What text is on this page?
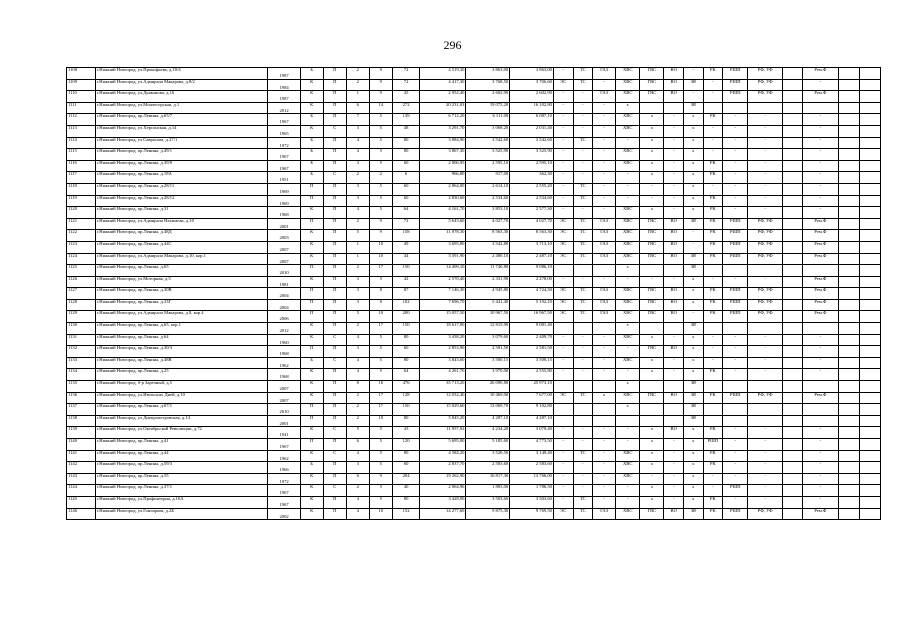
296
1108	г.Нижний Новгород, ул.Прокофьева, д.10/4	1987	Б	П	2	9	72	4 519,30	3 863,00	3 863,00	-	ТС	ГАЗ	ХВС	ГВС	ВО	-	РК	РШП	РФ, УФ		Рем.Ф		
1109	г.Нижний Новгород, ул.Адмирала Макарова, д.8/2	1984	К	П	2	9	72	4 417,30	3 768,50	3 706,60	ЭС	ТС	-	ХВС	ГВС	ВО	ЗЯ	-	РШП	РФ, УФ		-		
1110	г.Нижний Новгород, ул.Дьяконова, д.16	1987	К	П	1	9	45	2 952,40	2 602,90	2 602,90	-	-	ГАЗ	ХВС	ГВС	ВО	-	-	РШП	РФ, УФ		Рем.Ф		
1111	г.Нижний Новгород, ул.Мончегорская, д.1	2012	К	П	6	14	272	20 231,03	19 075,20	16 102,80	-	-	-	х			ЗЯ							
1112	г.Нижний Новгород, пр.Ленина, д.65/7	1967	Б	П	7	5	139	6 712,20	6 111,00	6 087,10	-	-	-	ХВС	х	-	х	РК	-	-		-		
1113	г.Нижний Новгород, ул.Херсонская, д.14	1965	К	С	3	5	48	3 291,70	3 068,20	2 031,40	-	-	-	ХВС	х	-	х	-	-	-		-		
1114	г.Нижний Новгород, ул.Саврасова, д.27/1	1972	Б	П	4	5	80	3 884,90	3 542,60	3 542,60	-	ТС	-	-	х	-	х	-	-	-		-		
1115	г.Нижний Новгород, пр.Ленина, д.49/1	1967	Б	П	4	5	80	3 867,30	3 525,90	3 525,90	-	-	-	ХВС	х	-	х	-	-	-		-		
1116	г.Нижний Новгород, пр.Ленина, д.39/8	1967	Б	П	3	5	60	2 806,95	2 595,10	2 595,10	-	-	-	ХВС	х	-	х	РК	-	-		-		
1117	г.Нижний Новгород, пр.Ленина, д.18А	1951	Б	С	2	2	6	966,80	917,00	362,30	-	-	-	-	х	-	х	РК	-	-		-		
1118	г.Нижний Новгород, пр.Ленина, д.28/11	1969	П	П	3	5	60	2 864,00	2 614,10	2 555,20	-	ТС	-	-	-	-	х	-	-	-		-		
1119	г.Нижний Новгород, пр.Ленина, д.28/12	1969	П	П	3	5	60	2 830,60	2 534,60	2 534,60	-	ТС	-	-	-	-	х	РК	-	-		-		
1120	г.Нижний Новгород, пр.Ленина, д.31	1968	К	П	4	5	64	4 161,70	3 853,10	2 577,30	-	-	-	ХВС	х	-	х	РК	-	-		-		
1121	г.Нижний Новгород, ул.Адмирала Нахимова, д.10	2001	П	П	2	9	72	5 643,60	4 027,70	4 027,70	ЭС	ТС	ГАЗ	ХВС	ГВС	ВО	ЗЯ	РК	РШП	РФ, УФ		Рем.Ф		
1122	г.Нижний Новгород, пр.Ленина, д.48Д	2003	К	П	5	9	158	11 078,30	8 563,30	8 563,30	ЭС	ТС	ГАЗ	ХВС	ГВС	ВО	-	РК	РШП	РФ, УФ		Рем.Ф		
1123	г.Нижний Новгород, пр.Ленина, д.44С	2007	К	П	1	10	49	3 695,80	3 542,80	3 713,10	ЭС	ТС	ГАЗ	ХВС	ГВС	ВО	-	РК	РШП	РФ, УФ		Рем.Ф		
1124	г.Нижний Новгород, ул.Адмирала Макарова, д.10, кор.1	2007	К	П	1	10	44	3 591,90	2 480,10	2 487,10	ЭС	ТС	ГАЗ	ХВС	ГВС	ВО	ЗЯ	РК	РШП	РФ, УФ		Рем.Ф		
1125	г.Нижний Новгород, пр.Ленина, д.65	2010	П	П	2	17	150	14 409,10	11 740,80	9 086,10				х			ЗЯ							
1126	г.Нижний Новгород, ул.Моторная, д.5	1981	К	П	3	5	42	2 570,40	2 331,90	2 278,00	-	-	-	-	-	-	х	-	-	-		Рем.Ф		
1127	г.Нижний Новгород, пр.Ленина, д.30В	2004	П	П	3	8	87	7 146,30	4 945,80	4 724,50	ЭС	ТС	ГАЗ	ХВС	ГВС	ВО	х	РК	РШП	РФ, УФ		Рем.Ф		
1128	г.Нижний Новгород, пр.Ленина, д.33Г	2004	П	П	3	8	102	7 696,70	5 441,40	5 192,10	ЭС	ТС	ГАЗ	ХВС	ГВС	ВО	х	РК	РШП	РФ, УФ		Рем.Ф		
1129	г.Нижний Новгород, ул.Адмирала Макарова, д.8, кор.4	2006	П	П	5	10	200	15 057,50	10 967,50	16 967,50	ЭС	ТС	ГАЗ	ХВС	ГВС	ВО	-	РК	РШП	РФ, УФ		Рем.Ф		
1130	г.Нижний Новгород, пр.Ленина, д.65, кор.1	2012	К	П	2	17	150	18 617,00	12 815,90	9 081,40				х			ЗЯ							
1131	г.Нижний Новгород, пр.Ленина, д.64	1960	К	С	4	5	80	3 438,20	3 079,60	2 409,70	-	-	-	ХВС	х	-	х	-	-	-		-		
1132	г.Нижний Новгород, пр.Ленина, д.30/3	1968	П	П	3	5	60	2 853,90	2 581,50	2 581,50	-	-	-	-	ГВС	ВО	х	-	-	-		-		
1133	г.Нижний Новгород, пр.Ленина, д.48В	1962	Б	С	4	5	80	3 843,60	3 500,15	3 500,15	-	-	-	ХВС	х	-	х	-	-	-		-		
1134	г.Нижний Новгород, пр.Ленина, д.25	1968	К	П	4	5	64	4 261,70	3 970,00	2 555,80	-	-	-	-	х	-	х	РК	-	-		-		
1135	г.Нижний Новгород, б-р Заречный, д.5	2007	К	П	8	16	476	35 713,20	26 090,80	25 973,10				х			ЗЯ							
1136	г.Нижний Новгород, ул.Июльских Дней, д.10	2007	К	П	2	17	128	12 032,40	10 469,00	7 677,00	ЭС	ТС	х	ХВС	ГВС	ВО	ЗЯ	РК	РШП	РФ, УФ		Рем.Ф		
1137	г.Нижний Новгород, пр.Ленина, д.67/1	2010	П	П	2	17	150	15 029,60	13 069,70	9 102,80				х			ЗЯ							
1138	г.Нижний Новгород, ул.Днепропетровская, д.14	2001	П	П	2	10	80	5 845,20	4 287,10	4 287,10							ЗЯ							
1139	г.Нижний Новгород, ул.Октябрьской Революции, д.72	1941	К	С	5	5	43	11 957,92	4 234,20	3 079,40	-	-	-	-	х	ВО	х	РК	-	-		-		
1140	г.Нижний Новгород, пр.Ленина, д.41	1967	П	П	6	5	120	5 695,00	5 185,60	4 773,50	-	-	-	-	х	-	х	РШП	-	-		-		
1141	г.Нижний Новгород, пр.Ленина, д.44	1962	К	С	4	5	80	4 584,20	3 520,50	3 149,40	-	ТС	-	ХВС	х	-	х	РК	-	-		-		
1142	г.Нижний Новгород, пр.Ленина, д.59/3	1966	Б	П	3	5	60	2 837,70	2 583,60	2 583,60	-	-	-	ХВС	х	-	х	РК	-	-		-		
1143	г.Нижний Новгород, пр.Ленина, д.55	1972	К	П	6	9	204	19 262,90	16 817,30	13 766,00	-	-	-	ХВС	-	-	х	-	-	-		-		
1144	г.Нижний Новгород, пр.Ленина, д.37/1	1967	К	С	2	5	40	2 064,96	1 883,00	1 786,50	-	-	-	-	х	-	х	-	РШП	-		-		
1145	г.Нижний Новгород, ул.Профинтерна, д.16А	1967	К	П	4	5	80	3 428,90	3 503,60	3 503,60	-	ТС	-	-	х	-	х	РК	-	-		-		
1146	г.Нижний Новгород, ул.Гончарова, д.2Б	2002	К	П	4	10	152	14 277,60	9 875,30	9 769,50	ЭС	ТС	ГАЗ	ХВС	ГВС	ВО	ЗЯ	РК	РШП	РФ, УФ		Рем.Ф		
